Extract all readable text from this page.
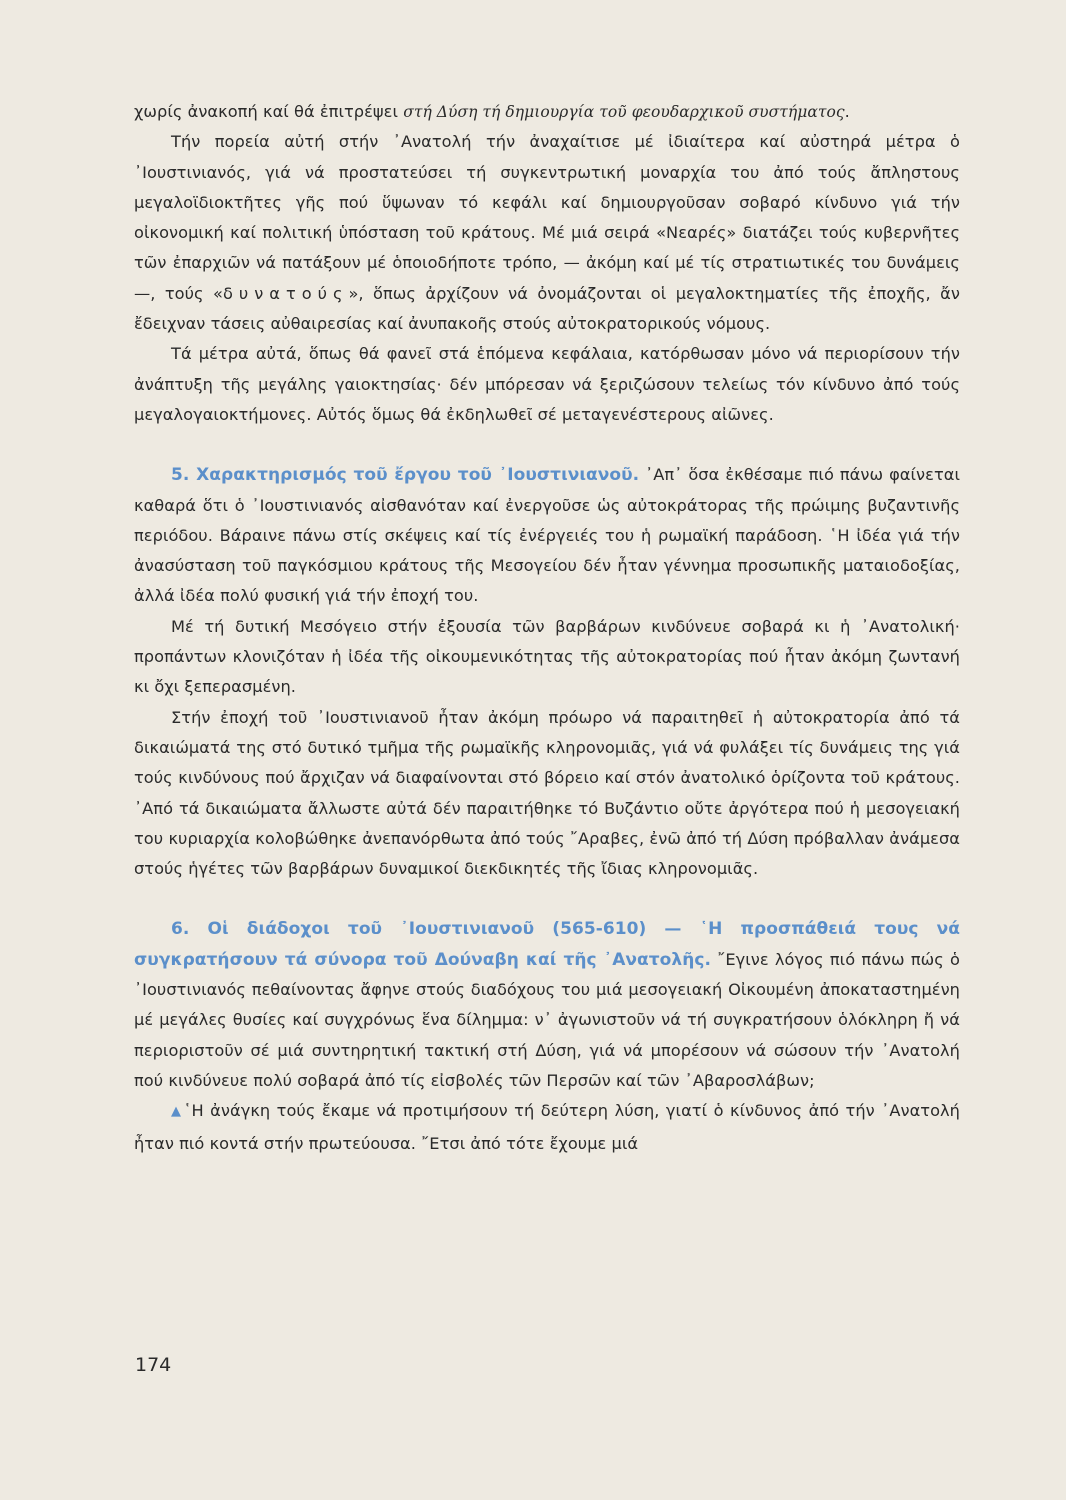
χωρίς ἀνακοπή καί θά ἐπιτρέψει στή Δύση τή δημιουργία τοῦ φεουδαρχικοῦ συστήματος.

Τήν πορεία αὐτή στήν ᾿Ανατολή τήν ἀναχαίτισε μέ ἰδιαίτερα καί αὐστηρά μέτρα ὁ ᾿Ιουστινιανός, γιά νά προστατεύσει τή συγκεντρωτική μοναρχία του ἀπό τούς ἄπληστους μεγαλοϊδιοκτῆτες γῆς πού ὕψωναν τό κεφάλι καί δημιουργοῦσαν σοβαρό κίνδυνο γιά τήν οἰκονομική καί πολιτική ὑπόσταση τοῦ κράτους. Μέ μιά σειρά «Νεαρές» διατάζει τούς κυβερνῆτες τῶν ἐπαρχιῶν νά πατάξουν μέ ὁποιοδήποτε τρόπο, — ἀκόμη καί μέ τίς στρατιωτικές του δυνάμεις —, τούς «δυνατούς», ὅπως ἀρχίζουν νά ὀνομάζονται οἱ μεγαλοκτηματίες τῆς ἐποχῆς, ἄν ἔδειχναν τάσεις αὐθαιρεσίας καί ἀνυπακοῆς στούς αὐτοκρατορικούς νόμους.

Τά μέτρα αὐτά, ὅπως θά φανεῖ στά ἑπόμενα κεφάλαια, κατόρθωσαν μόνο νά περιορίσουν τήν ἀνάπτυξη τῆς μεγάλης γαιοκτησίας· δέν μπόρεσαν νά ξεριζώσουν τελείως τόν κίνδυνο ἀπό τούς μεγαλογαιοκτήμονες. Αὐτός ὅμως θά ἐκδηλωθεῖ σέ μεταγενέστερους αἰῶνες.

5. Χαρακτηρισμός τοῦ ἔργου τοῦ ᾿Ιουστινιανοῦ. ᾿Απ᾿ ὅσα ἐκθέσαμε πιό πάνω φαίνεται καθαρά ὅτι ὁ ᾿Ιουστινιανός αἰσθανόταν καί ἐνεργοῦσε ὡς αὐτοκράτορας τῆς πρώιμης βυζαντινῆς περιόδου. Βάραινε πάνω στίς σκέψεις καί τίς ἐνέργειές του ἡ ρωμαϊκή παράδοση. ῾Η ἰδέα γιά τήν ἀνασύσταση τοῦ παγκόσμιου κράτους τῆς Μεσογείου δέν ἦταν γέννημα προσωπικῆς ματαιοδοξίας, ἀλλά ἰδέα πολύ φυσική γιά τήν ἐποχή του.

Μέ τή δυτική Μεσόγειο στήν ἐξουσία τῶν βαρβάρων κινδύνευε σοβαρά κι ἡ ᾿Ανατολική· προπάντων κλονιζόταν ἡ ἰδέα τῆς οἰκουμενικότητας τῆς αὐτοκρατορίας πού ἦταν ἀκόμη ζωντανή κι ὄχι ξεπερασμένη.

Στήν ἐποχή τοῦ ᾿Ιουστινιανοῦ ἦταν ἀκόμη πρόωρο νά παραιτηθεῖ ἡ αὐτοκρατορία ἀπό τά δικαιώματά της στό δυτικό τμῆμα τῆς ρωμαϊκῆς κληρονομιᾶς, γιά νά φυλάξει τίς δυνάμεις της γιά τούς κινδύνους πού ἄρχιζαν νά διαφαίνονται στό βόρειο καί στόν ἀνατολικό ὁρίζοντα τοῦ κράτους. ᾿Από τά δικαιώματα ἄλλωστε αὐτά δέν παραιτήθηκε τό Βυζάντιο οὔτε ἀργότερα πού ἡ μεσογειακή του κυριαρχία κολοβώθηκε ἀνεπανόρθωτα ἀπό τούς ῎Αραβες, ἐνῶ ἀπό τή Δύση πρόβαλλαν ἀνάμεσα στούς ἡγέτες τῶν βαρβάρων δυναμικοί διεκδικητές τῆς ἴδιας κληρονομιᾶς.

6. Οἱ διάδοχοι τοῦ ᾿Ιουστινιανοῦ (565-610) — ῾Η προσπάθειά τους νά συγκρατήσουν τά σύνορα τοῦ Δούναβη καί τῆς ᾿Ανατολῆς. ῎Εγινε λόγος πιό πάνω πώς ὁ ᾿Ιουστινιανός πεθαίνοντας ἄφηνε στούς διαδόχους του μιά μεσογειακή Οἰκουμένη ἀποκαταστημένη μέ μεγάλες θυσίες καί συγχρόνως ἕνα δίλημμα: ν᾿ ἀγωνιστοῦν νά τή συγκρατήσουν ὁλόκληρη ἤ νά περιοριστοῦν σέ μιά συντηρητική τακτική στή Δύση, γιά νά μπορέσουν νά σώσουν τήν ᾿Ανατολή πού κινδύνευε πολύ σοβαρά ἀπό τίς εἰσβολές τῶν Περσῶν καί τῶν ᾿Αβαροσλάβων;

▲῾Η ἀνάγκη τούς ἔκαμε νά προτιμήσουν τή δεύτερη λύση, γιατί ὁ κίνδυνος ἀπό τήν ᾿Ανατολή ἦταν πιό κοντά στήν πρωτεύουσα. ῎Ετσι ἀπό τότε ἔχουμε μιά

174
